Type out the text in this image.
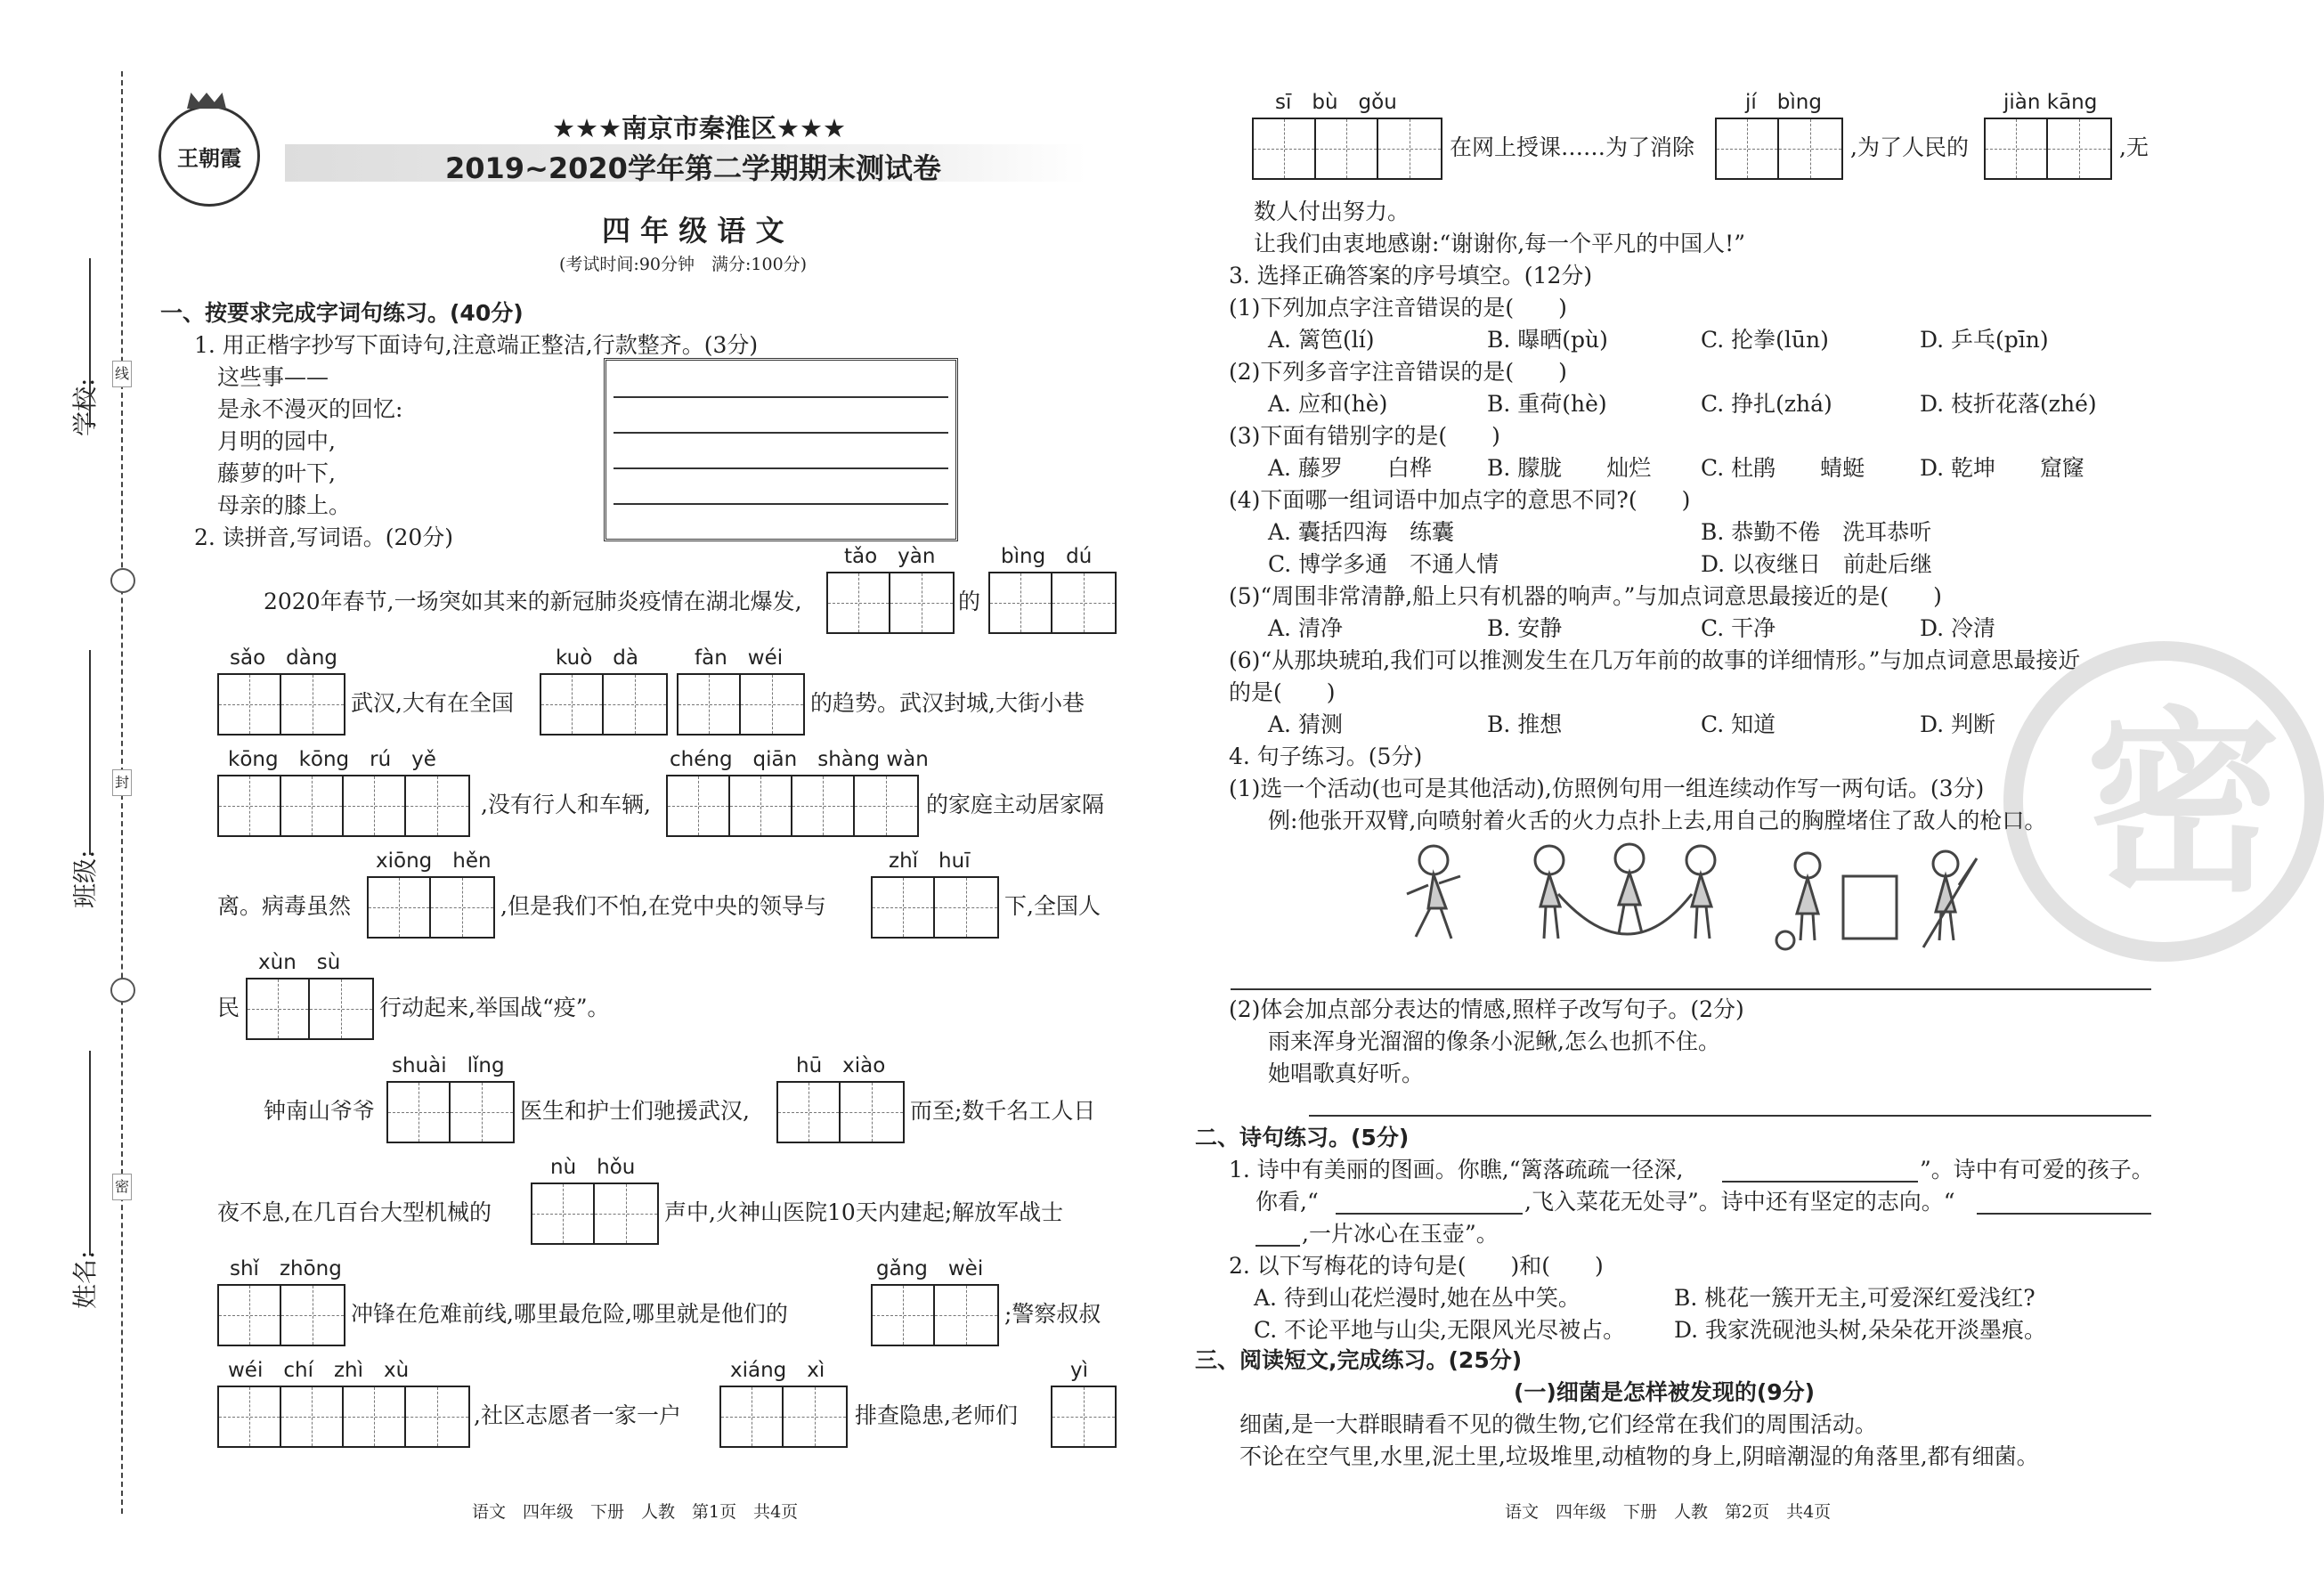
线
封
密
学校:
班级:
姓名:
王朝霞
★★★南京市秦淮区★★★
2019~2020学年第二学期期末测试卷
四 年 级 语 文
(考试时间:90分钟　满分:100分)
一、按要求完成字词句练习。(40分)
1. 用正楷字抄写下面诗句,注意端正整洁,行款整齐。(3分)
这些事——
是永不漫灭的回忆:
月明的园中,
藤萝的叶下,
母亲的膝上。
2. 读拼音,写词语。(20分)
tǎo　yàn	bìng　dú
2020年春节,一场突如其来的新冠肺炎疫情在湖北爆发,	的
sǎo　dàng	kuò　dà	fàn　wéi
武汉,大有在全国	的趋势。武汉封城,大街小巷
kōng　kōng　rú　yě	chéng　qiān　shàng wàn
,没有行人和车辆,	的家庭主动居家隔
xiōng　hěn	zhǐ　huī
离。病毒虽然	,但是我们不怕,在党中央的领导与	下,全国人
xùn　sù
民	行动起来,举国战“疫”。
shuài　lǐng	hū　xiào
钟南山爷爷	医生和护士们驰援武汉,	而至;数千名工人日
nù　hǒu
夜不息,在几百台大型机械的	声中,火神山医院10天内建起;解放军战士
shǐ　zhōng	gǎng　wèi
冲锋在危难前线,哪里最危险,哪里就是他们的	;警察叔叔
wéi　chí　zhì　xù	xiáng　xì	yì
,社区志愿者一家一户	排查隐患,老师们
语文　四年级　下册　人教　第1页　共4页
sī　bù　gǒu	jí　bìng	jiàn kāng
在网上授课……为了消除	,为了人民的	,无
数人付出努力。
让我们由衷地感谢:“谢谢你,每一个平凡的中国人!”
3. 选择正确答案的序号填空。(12分)
(1)下列加点字注音错误的是(　　)
A. 篱笆(lí)	B. 曝晒(pù)	C. 抡拳(lūn)	D. 乒乓(pīn)
(2)下列多音字注音错误的是(　　)
A. 应和(hè)	B. 重荷(hè)	C. 挣扎(zhá)	D. 枝折花落(zhé)
(3)下面有错别字的是(　　)
A. 藤罗　　白桦 B. 朦胧　　灿烂 C. 杜鹃　　蜻蜓 D. 乾坤　　窟窿
(4)下面哪一组词语中加点字的意思不同?(　　)
A. 囊括四海　练囊	B. 恭勤不倦　洗耳恭听
C. 博学多通　不通人情	D. 以夜继日　前赴后继
(5)“周围非常清静,船上只有机器的响声。”与加点词意思最接近的是(　　)
A. 清净	B. 安静	C. 干净	D. 冷清
(6)“从那块琥珀,我们可以推测发生在几万年前的故事的详细情形。”与加点词意思最接近
的是(　　)
A. 猜测	B. 推想	C. 知道	D. 判断 密
4. 句子练习。(5分)
(1)选一个活动(也可是其他活动),仿照例句用一组连续动作写一两句话。(3分)
例:他张开双臂,向喷射着火舌的火力点扑上去,用自己的胸膛堵住了敌人的枪口。
(2)体会加点部分表达的情感,照样子改写句子。(2分)
雨来浑身光溜溜的像条小泥鳅,怎么也抓不住。
她唱歌真好听。
二、诗句练习。(5分)
1. 诗中有美丽的图画。你瞧,“篱落疏疏一径深,	”。诗中有可爱的孩子。
你看,“	,飞入菜花无处寻”。诗中还有坚定的志向。“
,一片冰心在玉壶”。
2. 以下写梅花的诗句是(　　)和(　　)
A. 待到山花烂漫时,她在丛中笑。	B. 桃花一簇开无主,可爱深红爱浅红?
C. 不论平地与山尖,无限风光尽被占。 D. 我家洗砚池头树,朵朵花开淡墨痕。
三、阅读短文,完成练习。(25分)
(一)细菌是怎样被发现的(9分)
细菌,是一大群眼睛看不见的微生物,它们经常在我们的周围活动。
不论在空气里,水里,泥土里,垃圾堆里,动植物的身上,阴暗潮湿的角落里,都有细菌。
语文　四年级　下册　人教　第2页　共4页
